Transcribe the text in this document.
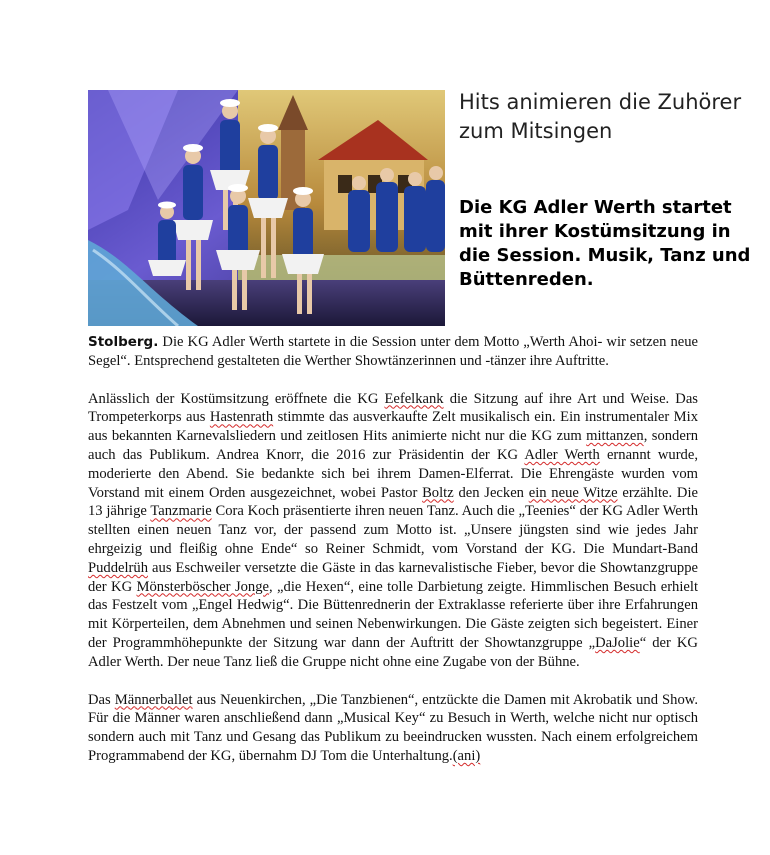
Hits animieren die Zuhörer zum Mitsingen
Die KG Adler Werth startet mit ihrer Kostümsitzung in die Session. Musik, Tanz und Büttenreden.

Stolberg. Die KG Adler Werth startete in die Session unter dem Motto „Werth Ahoi- wir setzen neue Segel“. Entsprechend gestalteten die Werther Showtänzerinnen und -tänzer ihre Auftritte.

Anlässlich der Kostümsitzung eröffnete die KG Eefelkank die Sitzung auf ihre Art und Weise. Das Trompeterkorps aus Hastenrath stimmte das ausverkaufte Zelt musikalisch ein. Ein instrumentaler Mix aus bekannten Karnevalsliedern und zeitlosen Hits animierte nicht nur die KG zum mittanzen, sondern auch das Publikum. Andrea Knorr, die 2016 zur Präsidentin der KG Adler Werth ernannt wurde, moderierte den Abend. Sie bedankte sich bei ihrem Damen-Elferrat. Die Ehrengäste wurden vom Vorstand mit einem Orden ausgezeichnet, wobei Pastor Boltz den Jecken ein neue Witze erzählte. Die 13 jährige Tanzmarie Cora Koch präsentierte ihren neuen Tanz. Auch die „Teenies“ der KG Adler Werth stellten einen neuen Tanz vor, der passend zum Motto ist. „Unsere jüngsten sind wie jedes Jahr ehrgeizig und fleißig ohne Ende“ so Reiner Schmidt, vom Vorstand der KG. Die Mundart-Band Puddelrüh aus Eschweiler versetzte die Gäste in das karnevalistische Fieber, bevor die Showtanzgruppe der KG Mönsterböscher Jonge, „die Hexen“, eine tolle Darbietung zeigte. Himmlischen Besuch erhielt das Festzelt vom „Engel Hedwig“. Die Büttenrednerin der Extraklasse referierte über ihre Erfahrungen mit Körperteilen, dem Abnehmen und seinen Nebenwirkungen. Die Gäste zeigten sich begeistert. Einer der Programmhöhepunkte der Sitzung war dann der Auftritt der Showtanzgruppe „DaJolie“ der KG Adler Werth. Der neue Tanz ließ die Gruppe nicht ohne eine Zugabe von der Bühne.

Das Männerballet aus Neuenkirchen, „Die Tanzbienen“, entzückte die Damen mit Akrobatik und Show. Für die Männer waren anschließend dann „Musical Key“ zu Besuch in Werth, welche nicht nur optisch sondern auch mit Tanz und Gesang das Publikum zu beeindrucken wussten. Nach einem erfolgreichem Programmabend der KG, übernahm DJ Tom die Unterhaltung.(ani)
